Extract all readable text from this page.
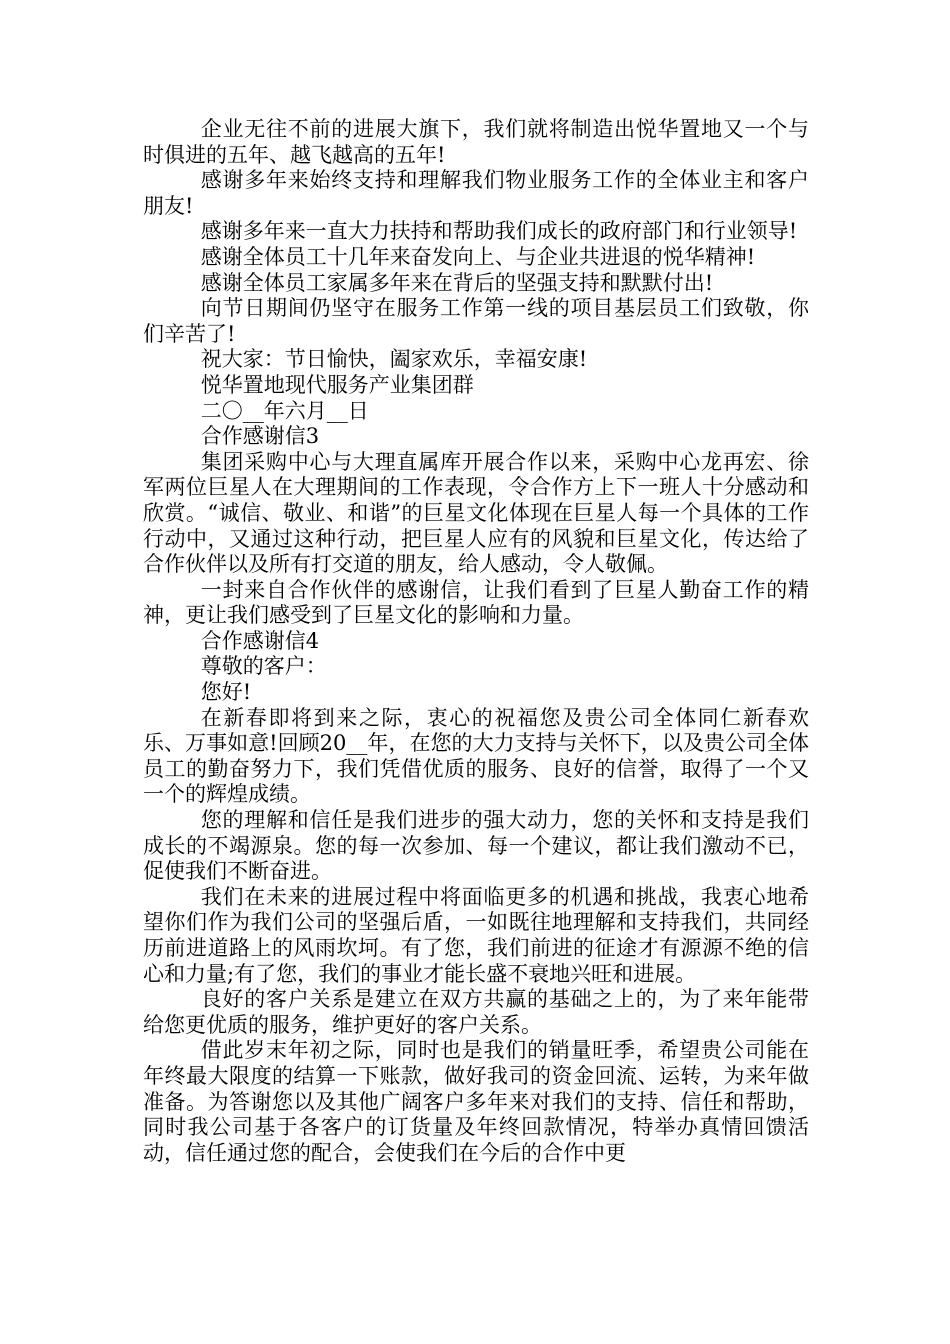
企业无往不前的进展大旗下，我们就将制造出悦华置地又一个与时俱进的五年、越飞越高的五年!

感谢多年来始终支持和理解我们物业服务工作的全体业主和客户朋友!

感谢多年来一直大力扶持和帮助我们成长的政府部门和行业领导!

感谢全体员工十几年来奋发向上、与企业共进退的悦华精神!

感谢全体员工家属多年来在背后的坚强支持和默默付出!

向节日期间仍坚守在服务工作第一线的项目基层员工们致敬，你们辛苦了!

祝大家：节日愉快，阖家欢乐，幸福安康!

悦华置地现代服务产业集团群

二〇__年六月__日

合作感谢信3

集团采购中心与大理直属库开展合作以来，采购中心龙再宏、徐军两位巨星人在大理期间的工作表现，令合作方上下一班人十分感动和欣赏。“诚信、敬业、和谐”的巨星文化体现在巨星人每一个具体的工作行动中，又通过这种行动，把巨星人应有的风貌和巨星文化，传达给了合作伙伴以及所有打交道的朋友，给人感动，令人敬佩。

一封来自合作伙伴的感谢信，让我们看到了巨星人勤奋工作的精神，更让我们感受到了巨星文化的影响和力量。

合作感谢信4

尊敬的客户：

您好!

在新春即将到来之际，衷心的祝福您及贵公司全体同仁新春欢乐、万事如意!回顾20__年，在您的大力支持与关怀下，以及贵公司全体员工的勤奋努力下，我们凭借优质的服务、良好的信誉，取得了一个又一个的辉煌成绩。

您的理解和信任是我们进步的强大动力，您的关怀和支持是我们成长的不竭源泉。您的每一次参加、每一个建议，都让我们激动不已，促使我们不断奋进。

我们在未来的进展过程中将面临更多的机遇和挑战，我衷心地希望你们作为我们公司的坚强后盾，一如既往地理解和支持我们，共同经历前进道路上的风雨坎坷。有了您，我们前进的征途才有源源不绝的信心和力量;有了您，我们的事业才能长盛不衰地兴旺和进展。

良好的客户关系是建立在双方共赢的基础之上的，为了来年能带给您更优质的服务，维护更好的客户关系。

借此岁末年初之际，同时也是我们的销量旺季，希望贵公司能在年终最大限度的结算一下账款，做好我司的资金回流、运转，为来年做准备。为答谢您以及其他广阔客户多年来对我们的支持、信任和帮助，同时我公司基于各客户的订货量及年终回款情况，特举办真情回馈活动，信任通过您的配合，会使我们在今后的合作中更
